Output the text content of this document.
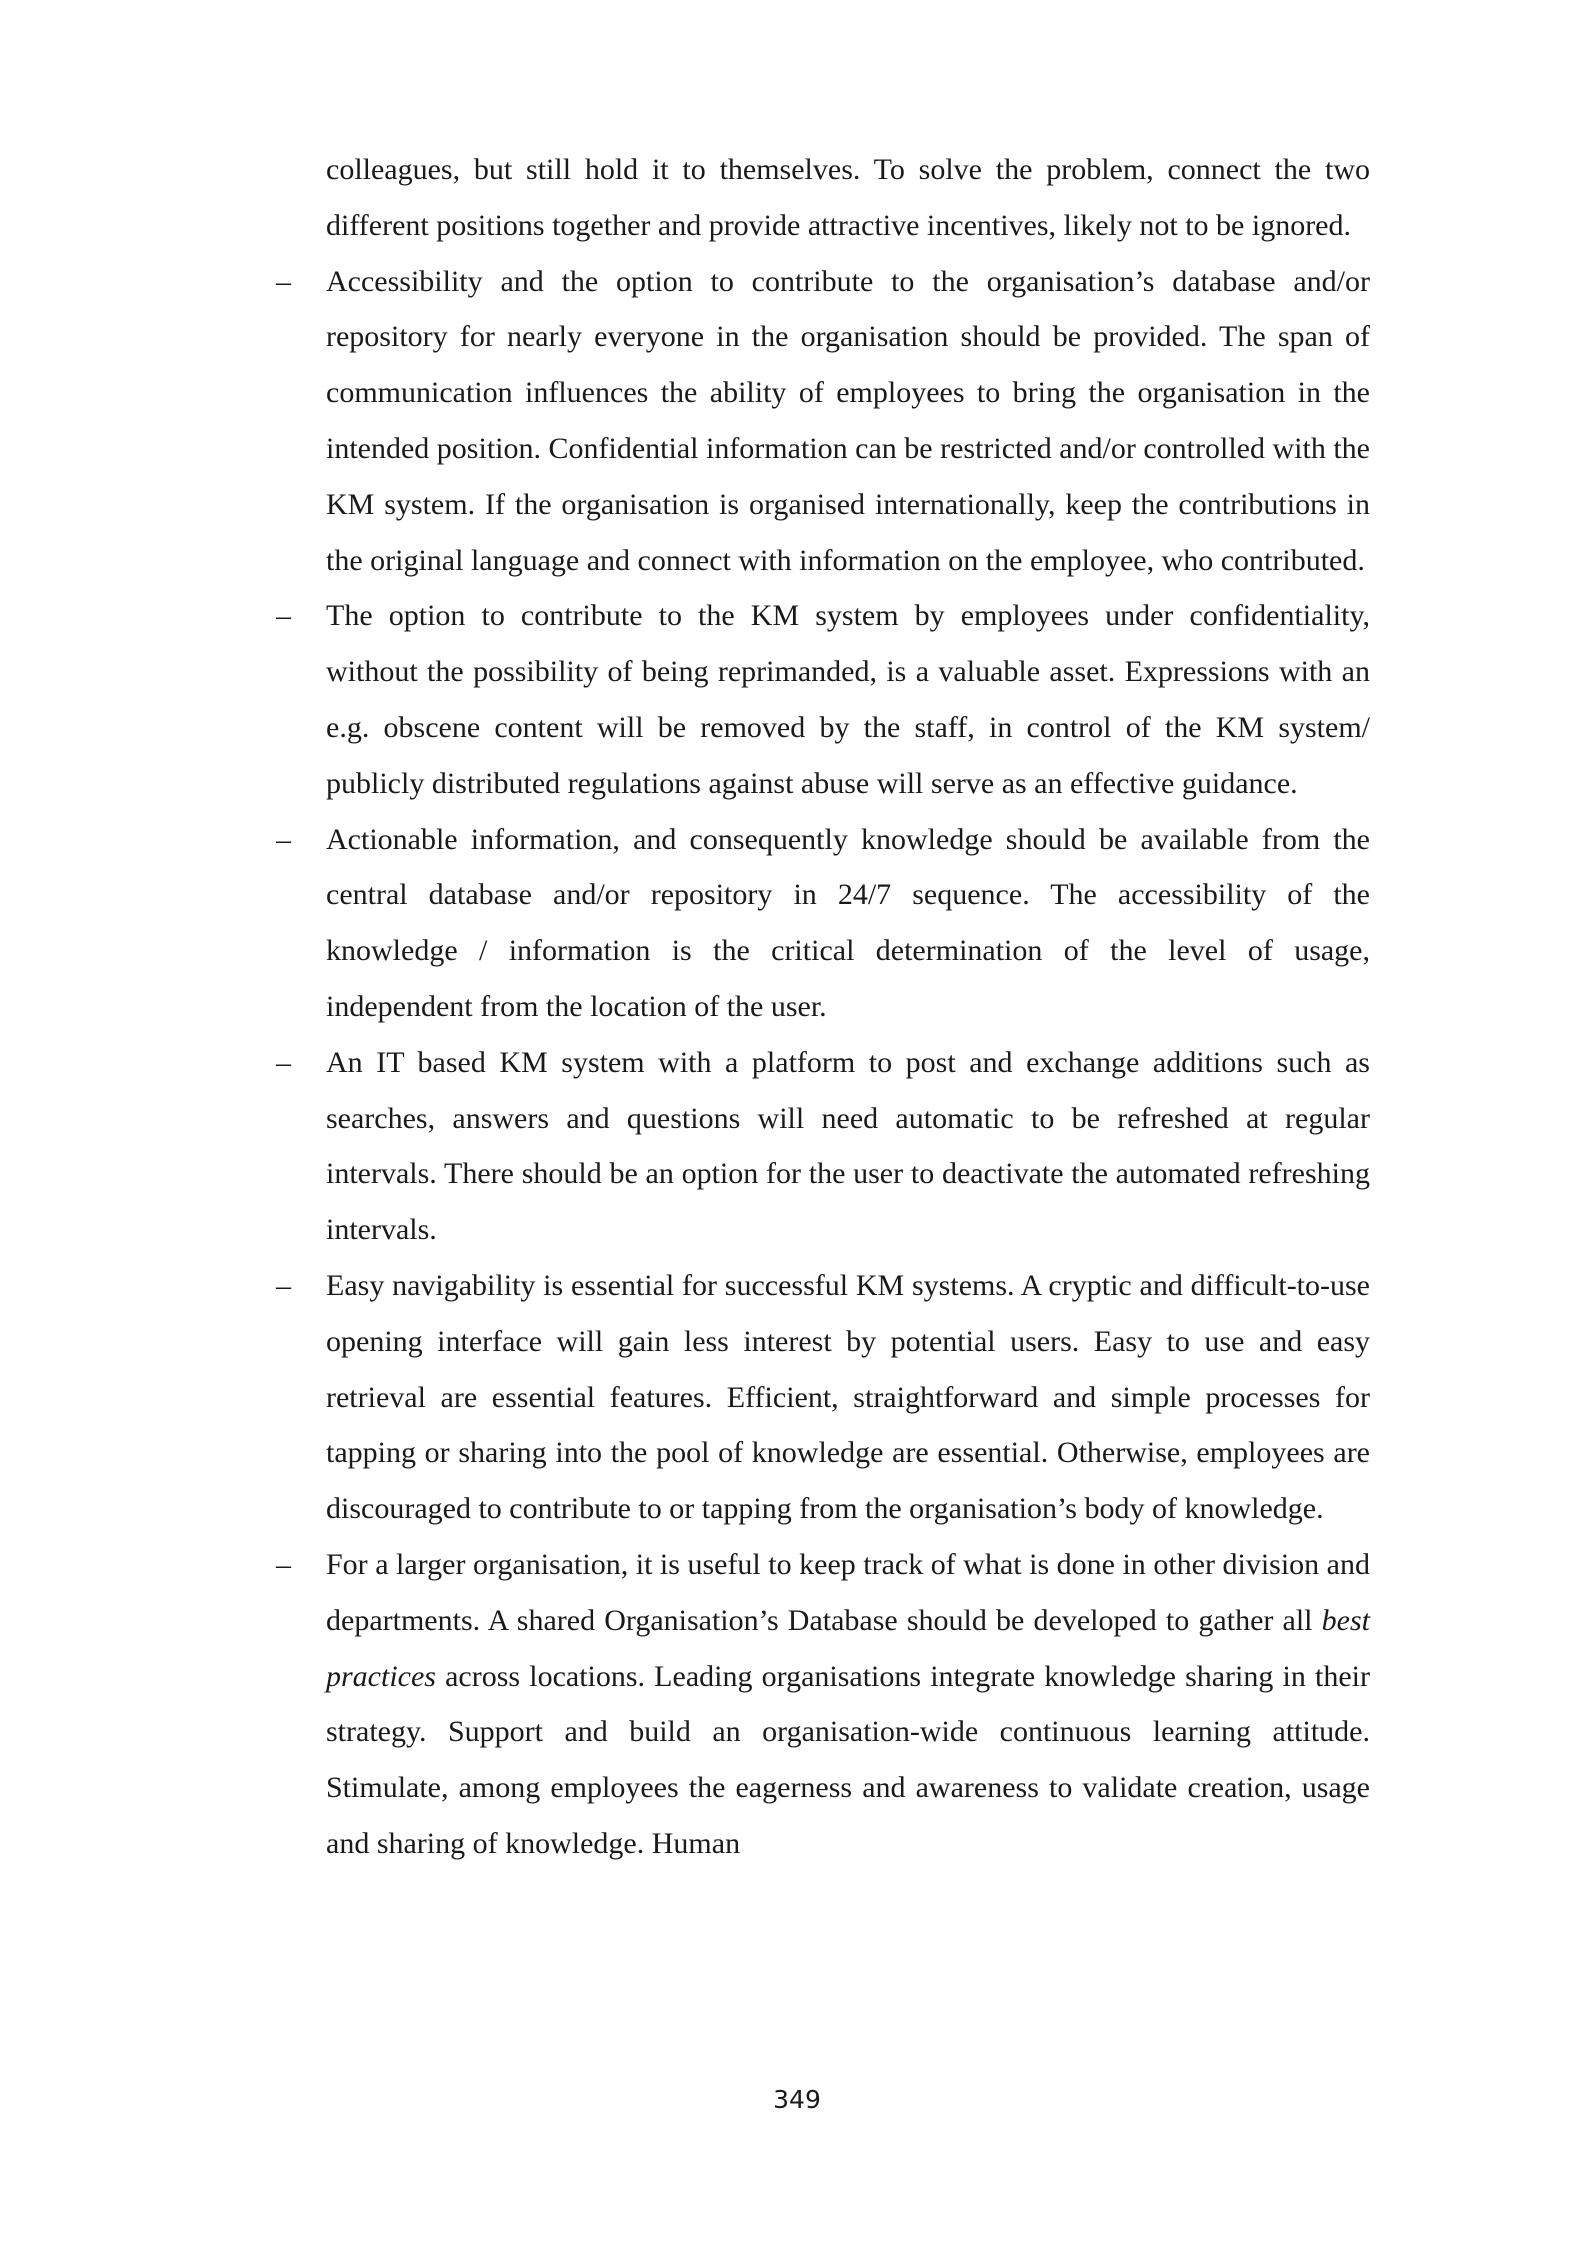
colleagues, but still hold it to themselves. To solve the problem, connect the two different positions together and provide attractive incentives, likely not to be ignored.

– Accessibility and the option to contribute to the organisation’s database and/or repository for nearly everyone in the organisation should be provided. The span of communication influences the ability of employees to bring the organisation in the intended position. Confidential information can be restricted and/or controlled with the KM system. If the organisation is organised internationally, keep the contributions in the original language and connect with information on the employee, who contributed.

– The option to contribute to the KM system by employees under confidentiality, without the possibility of being reprimanded, is a valuable asset. Expressions with an e.g. obscene content will be removed by the staff, in control of the KM system/ publicly distributed regulations against abuse will serve as an effective guidance.

– Actionable information, and consequently knowledge should be available from the central database and/or repository in 24/7 sequence. The accessibility of the knowledge / information is the critical determination of the level of usage, independent from the location of the user.

– An IT based KM system with a platform to post and exchange additions such as searches, answers and questions will need automatic to be refreshed at regular intervals. There should be an option for the user to deactivate the automated refreshing intervals.

– Easy navigability is essential for successful KM systems. A cryptic and difficult-to-use opening interface will gain less interest by potential users. Easy to use and easy retrieval are essential features. Efficient, straightforward and simple processes for tapping or sharing into the pool of knowledge are essential. Otherwise, employees are discouraged to contribute to or tapping from the organisation’s body of knowledge.

– For a larger organisation, it is useful to keep track of what is done in other division and departments. A shared Organisation’s Database should be developed to gather all best practices across locations. Leading organisations integrate knowledge sharing in their strategy. Support and build an organisation-wide continuous learning attitude. Stimulate, among employees the eagerness and awareness to validate creation, usage and sharing of knowledge. Human

349
